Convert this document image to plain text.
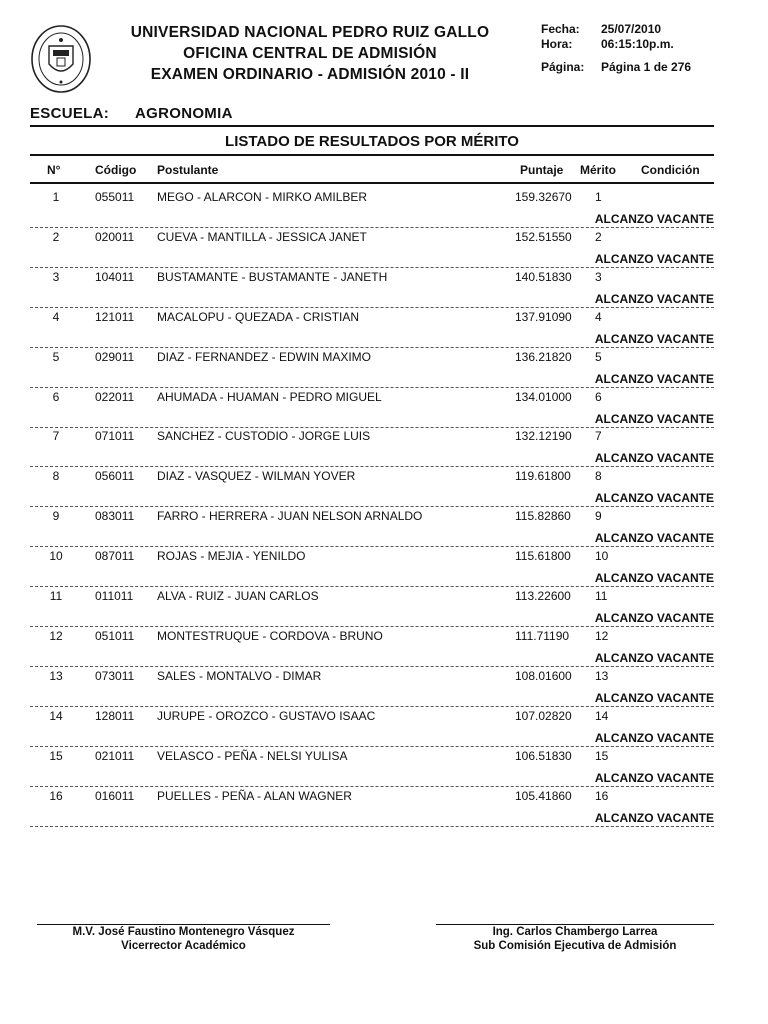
UNIVERSIDAD NACIONAL PEDRO RUIZ GALLO
OFICINA CENTRAL DE ADMISIÓN
EXAMEN ORDINARIO - ADMISIÓN 2010 - II
Fecha: 25/07/2010
Hora: 06:15:10p.m.
Página: Página 1 de 276
ESCUELA: AGRONOMIA
LISTADO DE RESULTADOS POR MÉRITO
N°	Código Postulante	Puntaje Mérito Condición
1	055011 MEGO - ALARCON - MIRKO AMILBER	159.32670 1
ALCANZO VACANTE
2	020011 CUEVA - MANTILLA - JESSICA JANET	152.51550 2
ALCANZO VACANTE
3	104011 BUSTAMANTE - BUSTAMANTE - JANETH	140.51830 3
ALCANZO VACANTE
4	121011 MACALOPU - QUEZADA - CRISTIAN	137.91090 4
ALCANZO VACANTE
5	029011 DIAZ - FERNANDEZ - EDWIN MAXIMO	136.21820 5
ALCANZO VACANTE
6	022011 AHUMADA - HUAMAN - PEDRO MIGUEL	134.01000 6
ALCANZO VACANTE
7	071011 SANCHEZ - CUSTODIO - JORGE LUIS	132.12190 7
ALCANZO VACANTE
8	056011 DIAZ - VASQUEZ - WILMAN YOVER	119.61800 8
ALCANZO VACANTE
9	083011 FARRO - HERRERA - JUAN NELSON ARNALDO	115.82860 9
ALCANZO VACANTE
10	087011 ROJAS - MEJIA - YENILDO	115.61800 10
ALCANZO VACANTE
11	011011 ALVA - RUIZ - JUAN CARLOS	113.22600 11
ALCANZO VACANTE
12	051011 MONTESTRUQUE - CORDOVA - BRUNO	111.71190 12
ALCANZO VACANTE
13	073011 SALES - MONTALVO - DIMAR	108.01600 13
ALCANZO VACANTE
14	128011 JURUPE - OROZCO - GUSTAVO ISAAC	107.02820 14
ALCANZO VACANTE
15	021011 VELASCO - PEÑA - NELSI YULISA	106.51830 15
ALCANZO VACANTE
16	016011 PUELLES - PEÑA - ALAN WAGNER	105.41860 16
ALCANZO VACANTE
M.V. José Faustino Montenegro Vásquez
Vicerrector Académico
Ing. Carlos Chambergo Larrea
Sub Comisión Ejecutiva de Admisión
